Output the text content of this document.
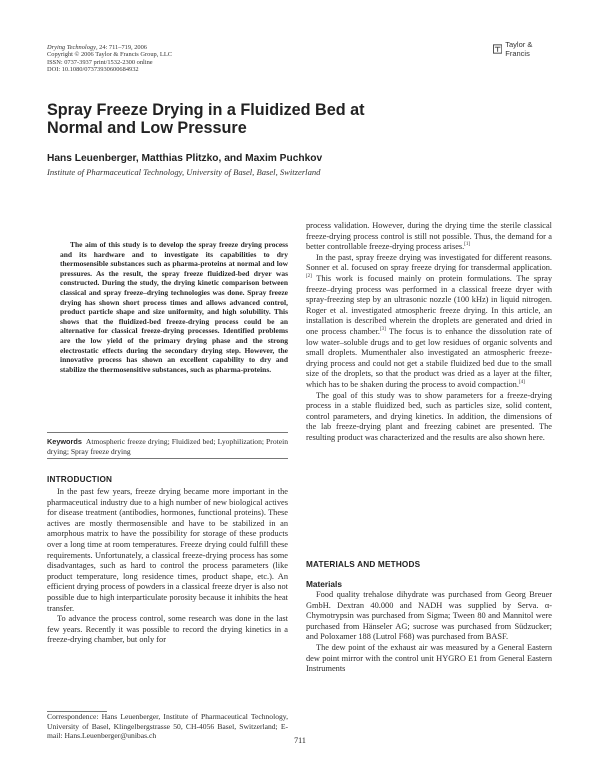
Drying Technology, 24: 711–719, 2006
Copyright © 2006 Taylor & Francis Group, LLC
ISSN: 0737-3937 print/1532-2300 online
DOI: 10.1080/07373930600684932
Taylor & Francis
Spray Freeze Drying in a Fluidized Bed at Normal and Low Pressure
Hans Leuenberger, Matthias Plitzko, and Maxim Puchkov
Institute of Pharmaceutical Technology, University of Basel, Basel, Switzerland
The aim of this study is to develop the spray freeze drying process and its hardware and to investigate its capabilities to dry thermosensible substances such as pharma-proteins at normal and low pressures. As the result, the spray freeze fluidized-bed dryer was constructed. During the study, the drying kinetic comparison between classical and spray freeze–drying technologies was done. Spray freeze drying has shown short process times and allows advanced control, product particle shape and size uniformity, and high solubility. This shows that the fluidized-bed freeze-drying process could be an alternative for classical freeze-drying processes. Identified problems are the low yield of the primary drying phase and the strong electrostatic effects during the secondary drying step. However, the innovative process has shown an excellent capability to dry and stabilize the thermosensitive substances, such as pharma-proteins.
Keywords Atmospheric freeze drying; Fluidized bed; Lyophilization; Protein drying; Spray freeze drying
INTRODUCTION

In the past few years, freeze drying became more important in the pharmaceutical industry due to a high number of new biological actives for disease treatment (antibodies, hormones, functional proteins). These actives are mostly thermosensible and have to be stabilized in an amorphous matrix to have the possibility for storage of these products over a long time at room temperatures. Freeze drying could fulfill these requirements. Unfortunately, a classical freeze-drying process has some disadvantages, such as hard to control the process parameters (like product temperature, long residence times, product shape, etc.). An efficient drying process of powders in a classical freeze dryer is also not possible due to high interparticulate porosity because it inhibits the heat transfer.

To advance the process control, some research was done in the last few years. Recently it was possible to record the drying kinetics in a freeze-drying chamber, but only for

Correspondence: Hans Leuenberger, Institute of Pharmaceutical Technology, University of Basel, Klingelbergstrasse 50, CH-4056 Basel, Switzerland; E-mail: Hans.Leuenberger@unibas.ch

process validation. However, during the drying time the sterile classical freeze-drying process control is still not possible. Thus, the demand for a better controllable freeze-drying process arises.[1]

In the past, spray freeze drying was investigated for different reasons. Sonner et al. focused on spray freeze drying for transdermal application.[2] This work is focused mainly on protein formulations. The spray freeze–drying process was performed in a classical freeze dryer with spray-freezing step by an ultrasonic nozzle (100 kHz) in liquid nitrogen. Roger et al. investigated atmospheric freeze drying. In this article, an installation is described wherein the droplets are generated and dried in one process chamber.[3] The focus is to enhance the dissolution rate of low water–soluble drugs and to get low residues of organic solvents and small droplets. Mumenthaler also investigated an atmospheric freeze-drying process and could not get a stabile fluidized bed due to the small size of the droplets, so that the product was dried as a layer at the filter, which has to be shaken during the process to avoid compaction.[4]

The goal of this study was to show parameters for a freeze-drying process in a stable fluidized bed, such as particles size, solid content, control parameters, and drying kinetics. In addition, the dimensions of the lab freeze-drying plant and freezing cabinet are presented. The resulting product was characterized and the results are also shown here.

MATERIALS AND METHODS
Materials

Food quality trehalose dihydrate was purchased from Georg Breuer GmbH. Dextran 40.000 and NADH was supplied by Serva. α-Chymotrypsin was purchased from Sigma; Tween 80 and Mannitol were purchased from Hänseler AG; sucrose was purchased from Südzucker; and Poloxamer 188 (Lutrol F68) was purchased from BASF.

The dew point of the exhaust air was measured by a General Eastern dew point mirror with the control unit HYGRO E1 from General Eastern Instruments

711
